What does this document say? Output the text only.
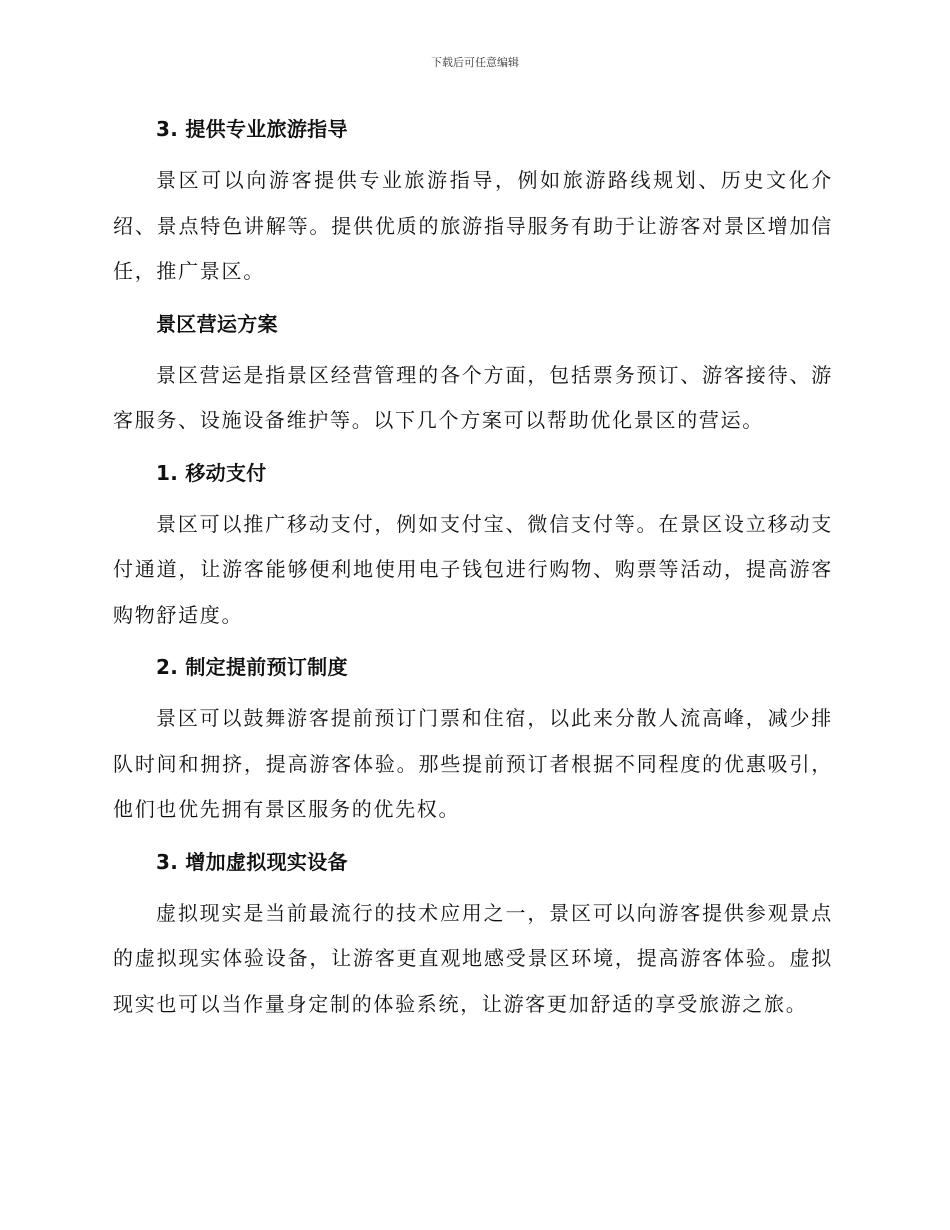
下载后可任意编辑
3. 提供专业旅游指导

景区可以向游客提供专业旅游指导，例如旅游路线规划、历史文化介绍、景点特色讲解等。提供优质的旅游指导服务有助于让游客对景区增加信任，推广景区。

景区营运方案

景区营运是指景区经营管理的各个方面，包括票务预订、游客接待、游客服务、设施设备维护等。以下几个方案可以帮助优化景区的营运。

1. 移动支付

景区可以推广移动支付，例如支付宝、微信支付等。在景区设立移动支付通道，让游客能够便利地使用电子钱包进行购物、购票等活动，提高游客购物舒适度。

2. 制定提前预订制度

景区可以鼓舞游客提前预订门票和住宿，以此来分散人流高峰，减少排队时间和拥挤，提高游客体验。那些提前预订者根据不同程度的优惠吸引，他们也优先拥有景区服务的优先权。

3. 增加虚拟现实设备

虚拟现实是当前最流行的技术应用之一，景区可以向游客提供参观景点的虚拟现实体验设备，让游客更直观地感受景区环境，提高游客体验。虚拟现实也可以当作量身定制的体验系统，让游客更加舒适的享受旅游之旅。
